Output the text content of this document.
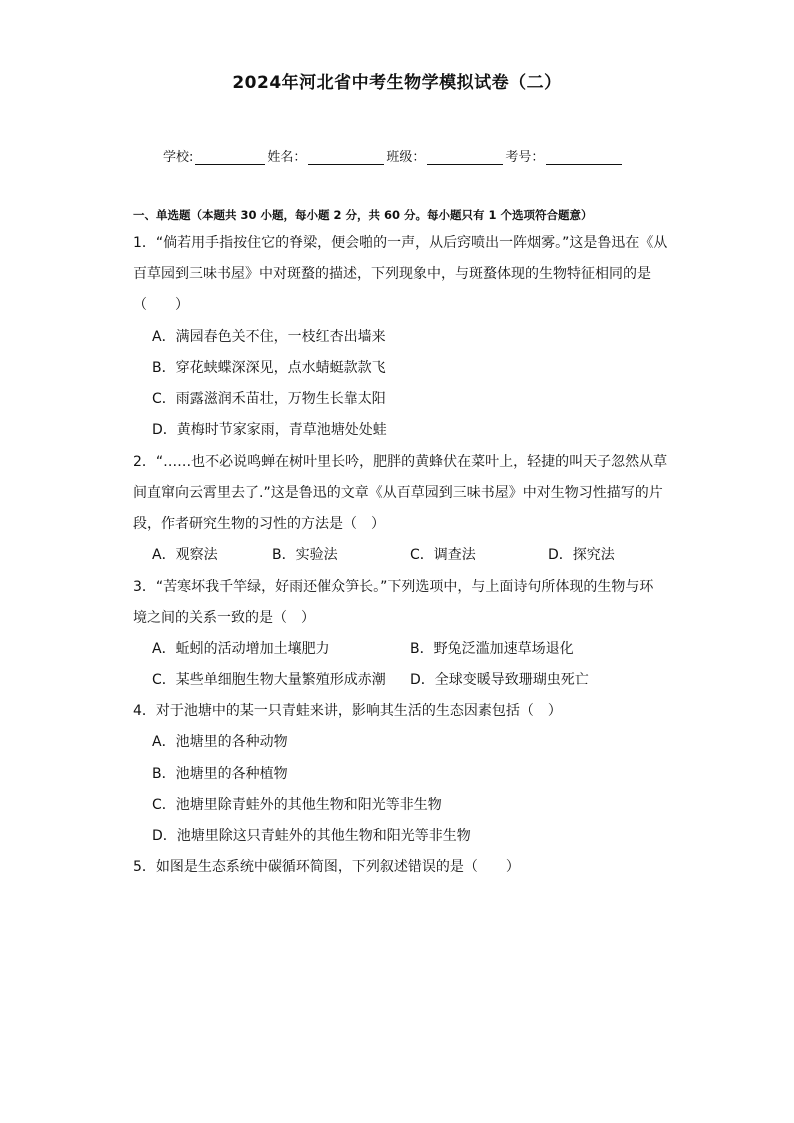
2024年河北省中考生物学模拟试卷（二）
学校:	姓名：	班级：	考号：
一、单选题（本题共 30 小题，每小题 2 分，共 60 分。每小题只有 1 个选项符合题意）
1．“倘若用手指按住它的脊梁，便会啪的一声，从后窍喷出一阵烟雾。”这是鲁迅在《从
百草园到三味书屋》中对斑蝥的描述，下列现象中，与斑蝥体现的生物特征相同的是
（　　）
A．满园春色关不住，一枝红杏出墙来
B．穿花蛱蝶深深见，点水蜻蜓款款飞
C．雨露滋润禾苗壮，万物生长靠太阳
D．黄梅时节家家雨，青草池塘处处蛙
2．“……也不必说鸣蝉在树叶里长吟，肥胖的黄蜂伏在菜叶上，轻捷的叫天子忽然从草
间直窜向云霄里去了.”这是鲁迅的文章《从百草园到三味书屋》中对生物习性描写的片
段，作者研究生物的习性的方法是（　）
A．观察法	B．实验法	C．调查法	D．探究法
3．“苦寒坏我千竿绿，好雨还催众笋长。”下列选项中，与上面诗句所体现的生物与环
境之间的关系一致的是（　）
A．蚯蚓的活动增加土壤肥力	B．野兔泛滥加速草场退化
C．某些单细胞生物大量繁殖形成赤潮 D．全球变暖导致珊瑚虫死亡
4．对于池塘中的某一只青蛙来讲，影响其生活的生态因素包括（　）
A．池塘里的各种动物
B．池塘里的各种植物
C．池塘里除青蛙外的其他生物和阳光等非生物
D．池塘里除这只青蛙外的其他生物和阳光等非生物
5．如图是生态系统中碳循环简图，下列叙述错误的是（　　）
